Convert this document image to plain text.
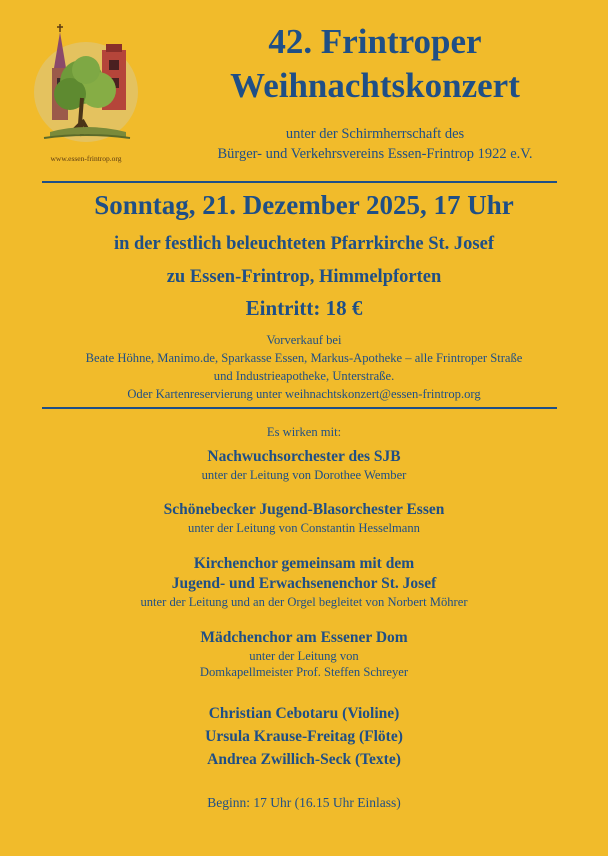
www.essen-frintrop.org
42. Frintroper
Weihnachtskonzert
unter der Schirmherrschaft des
Bürger- und Verkehrsvereins Essen-Frintrop 1922 e.V.
Sonntag, 21. Dezember 2025, 17 Uhr
in der festlich beleuchteten Pfarrkirche St. Josef
zu Essen-Frintrop, Himmelpforten
Eintritt: 18 €
Vorverkauf bei
Beate Höhne, Manimo.de, Sparkasse Essen, Markus-Apotheke – alle Frintroper Straße
und Industrieapotheke, Unterstraße.
Oder Kartenreservierung unter weihnachtskonzert@essen-frintrop.org
Es wirken mit:
Nachwuchsorchester des SJB
unter der Leitung von Dorothee Wember
Schönebecker Jugend-Blasorchester Essen
unter der Leitung von Constantin Hesselmann
Kirchenchor gemeinsam mit dem
Jugend- und Erwachsenenchor St. Josef
unter der Leitung und an der Orgel begleitet von Norbert Möhrer
Mädchenchor am Essener Dom
unter der Leitung von
Domkapellmeister Prof. Steffen Schreyer
Christian Cebotaru (Violine)
Ursula Krause-Freitag (Flöte)
Andrea Zwillich-Seck (Texte)
Beginn: 17 Uhr (16.15 Uhr Einlass)
